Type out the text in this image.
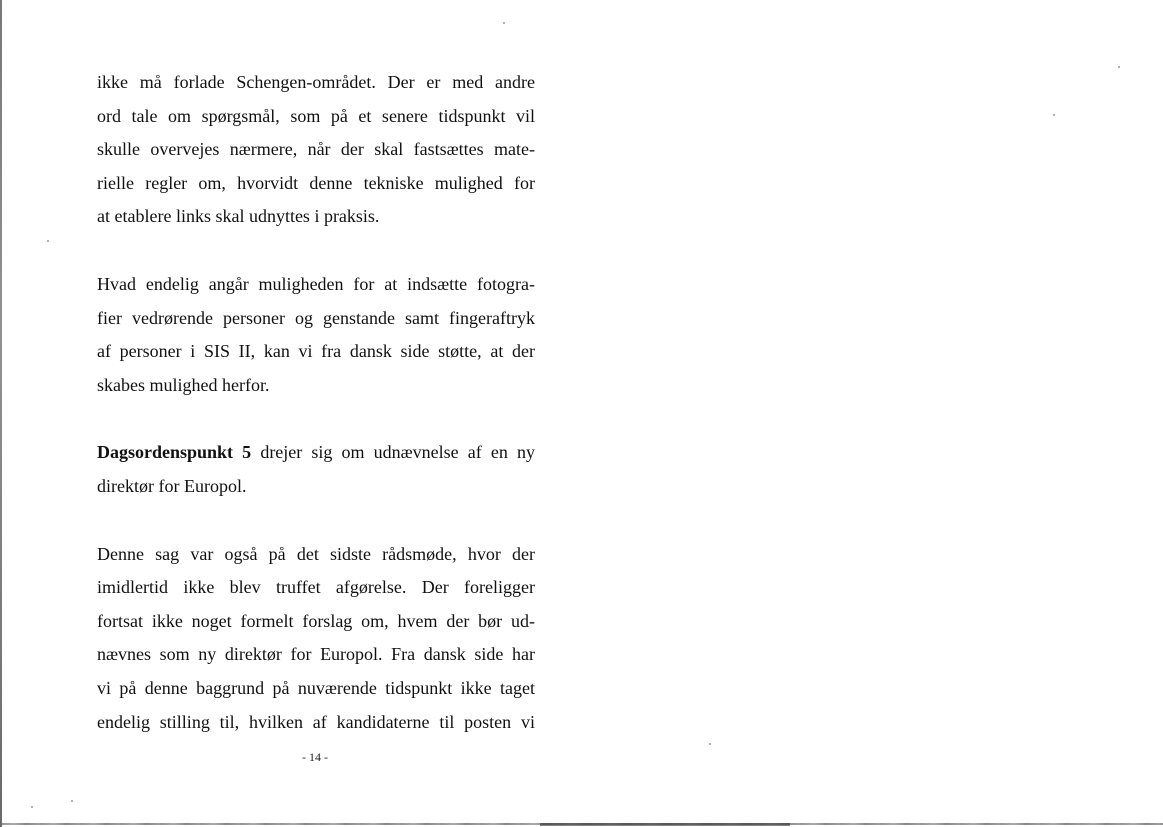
ikke må forlade Schengen-området. Der er med andre

ord tale om spørgsmål, som på et senere tidspunkt vil

skulle overvejes nærmere, når der skal fastsættes mate-

rielle regler om, hvorvidt denne tekniske mulighed for

at etablere links skal udnyttes i praksis.

Hvad endelig angår muligheden for at indsætte fotogra-

fier vedrørende personer og genstande samt fingeraftryk

af personer i SIS II, kan vi fra dansk side støtte, at der

skabes mulighed herfor.

Dagsordenspunkt 5 drejer sig om udnævnelse af en ny

direktør for Europol.

Denne sag var også på det sidste rådsmøde, hvor der

imidlertid ikke blev truffet afgørelse. Der foreligger

fortsat ikke noget formelt forslag om, hvem der bør ud-

nævnes som ny direktør for Europol. Fra dansk side har

vi på denne baggrund på nuværende tidspunkt ikke taget

endelig stilling til, hvilken af kandidaterne til posten vi

- 14 -
